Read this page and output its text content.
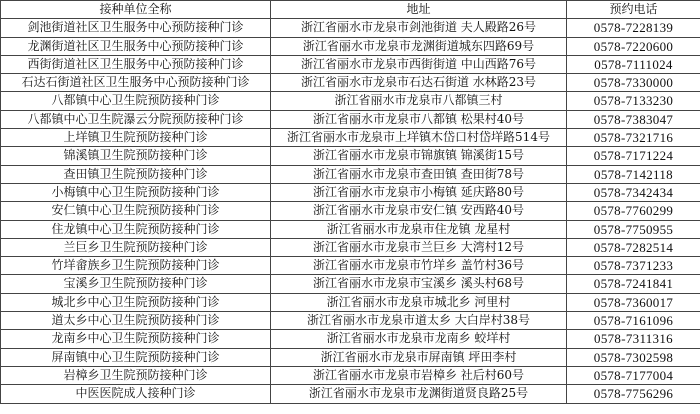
接种单位全称	地址	预约电话
剑池街道社区卫生服务中心预防接种门诊	浙江省丽水市龙泉市剑池街道 夫人殿路26号	0578-7228139
龙渊街道社区卫生服务中心预防接种门诊	浙江省丽水市龙泉市龙渊街道城东四路69号	0578-7220600
西街街道社区卫生服务中心预防接种门诊	浙江省丽水市龙泉市西街街道 中山西路76号	0578-7111024
石达石街道社区卫生服务中心预防接种门诊	浙江省丽水市龙泉市石达石街道 水林路23号	0578-7330000
八都镇中心卫生院预防接种门诊	浙江省丽水市龙泉市八都镇三村	0578-7133230
八都镇中心卫生院瀑云分院预防接种门诊	浙江省丽水市龙泉市八都镇 松果村40号	0578-7383047
上垟镇卫生院预防接种门诊	浙江省丽水市龙泉市上垟镇木岱口村岱垟路514号	0578-7321716
锦溪镇卫生院预防接种门诊	浙江省丽水市龙泉市锦旗镇 锦溪街15号	0578-7171224
查田镇卫生院预防接种门诊	浙江省丽水市龙泉市查田镇 查田街78号	0578-7142118
小梅镇中心卫生院预防接种门诊	浙江省丽水市龙泉市小梅镇 延庆路80号	0578-7342434
安仁镇中心卫生院预防接种门诊	浙江省丽水市龙泉市安仁镇 安西路40号	0578-7760299
住龙镇中心卫生院预防接种门诊	浙江省丽水市龙泉市住龙镇 龙星村	0578-7750955
兰巨乡卫生院预防接种门诊	浙江省丽水市龙泉市兰巨乡 大湾村12号	0578-7282514
竹垟畲族乡卫生院预防接种门诊	浙江省丽水市龙泉市竹垟乡 盖竹村36号	0578-7371233
宝溪乡卫生院预防接种门诊	浙江省丽水市龙泉市宝溪乡 溪头村68号	0578-7241841
城北乡中心卫生院预防接种门诊	浙江省丽水市龙泉市城北乡 河里村	0578-7360017
道太乡中心卫生院预防接种门诊	浙江省丽水市龙泉市道太乡 大白岸村38号	0578-7161096
龙南乡中心卫生院预防接种门诊	浙江省丽水市龙泉市龙南乡 蛟垟村	0578-7311316
屏南镇中心卫生院预防接种门诊	浙江省丽水市龙泉市屏南镇 坪田李村	0578-7302598
岩樟乡卫生院预防接种门诊	浙江省丽水市龙泉市岩樟乡 社后村60号	0578-7177004
中医医院成人接种门诊	浙江省丽水市龙泉市龙渊街道贤良路25号	0578-7756296
